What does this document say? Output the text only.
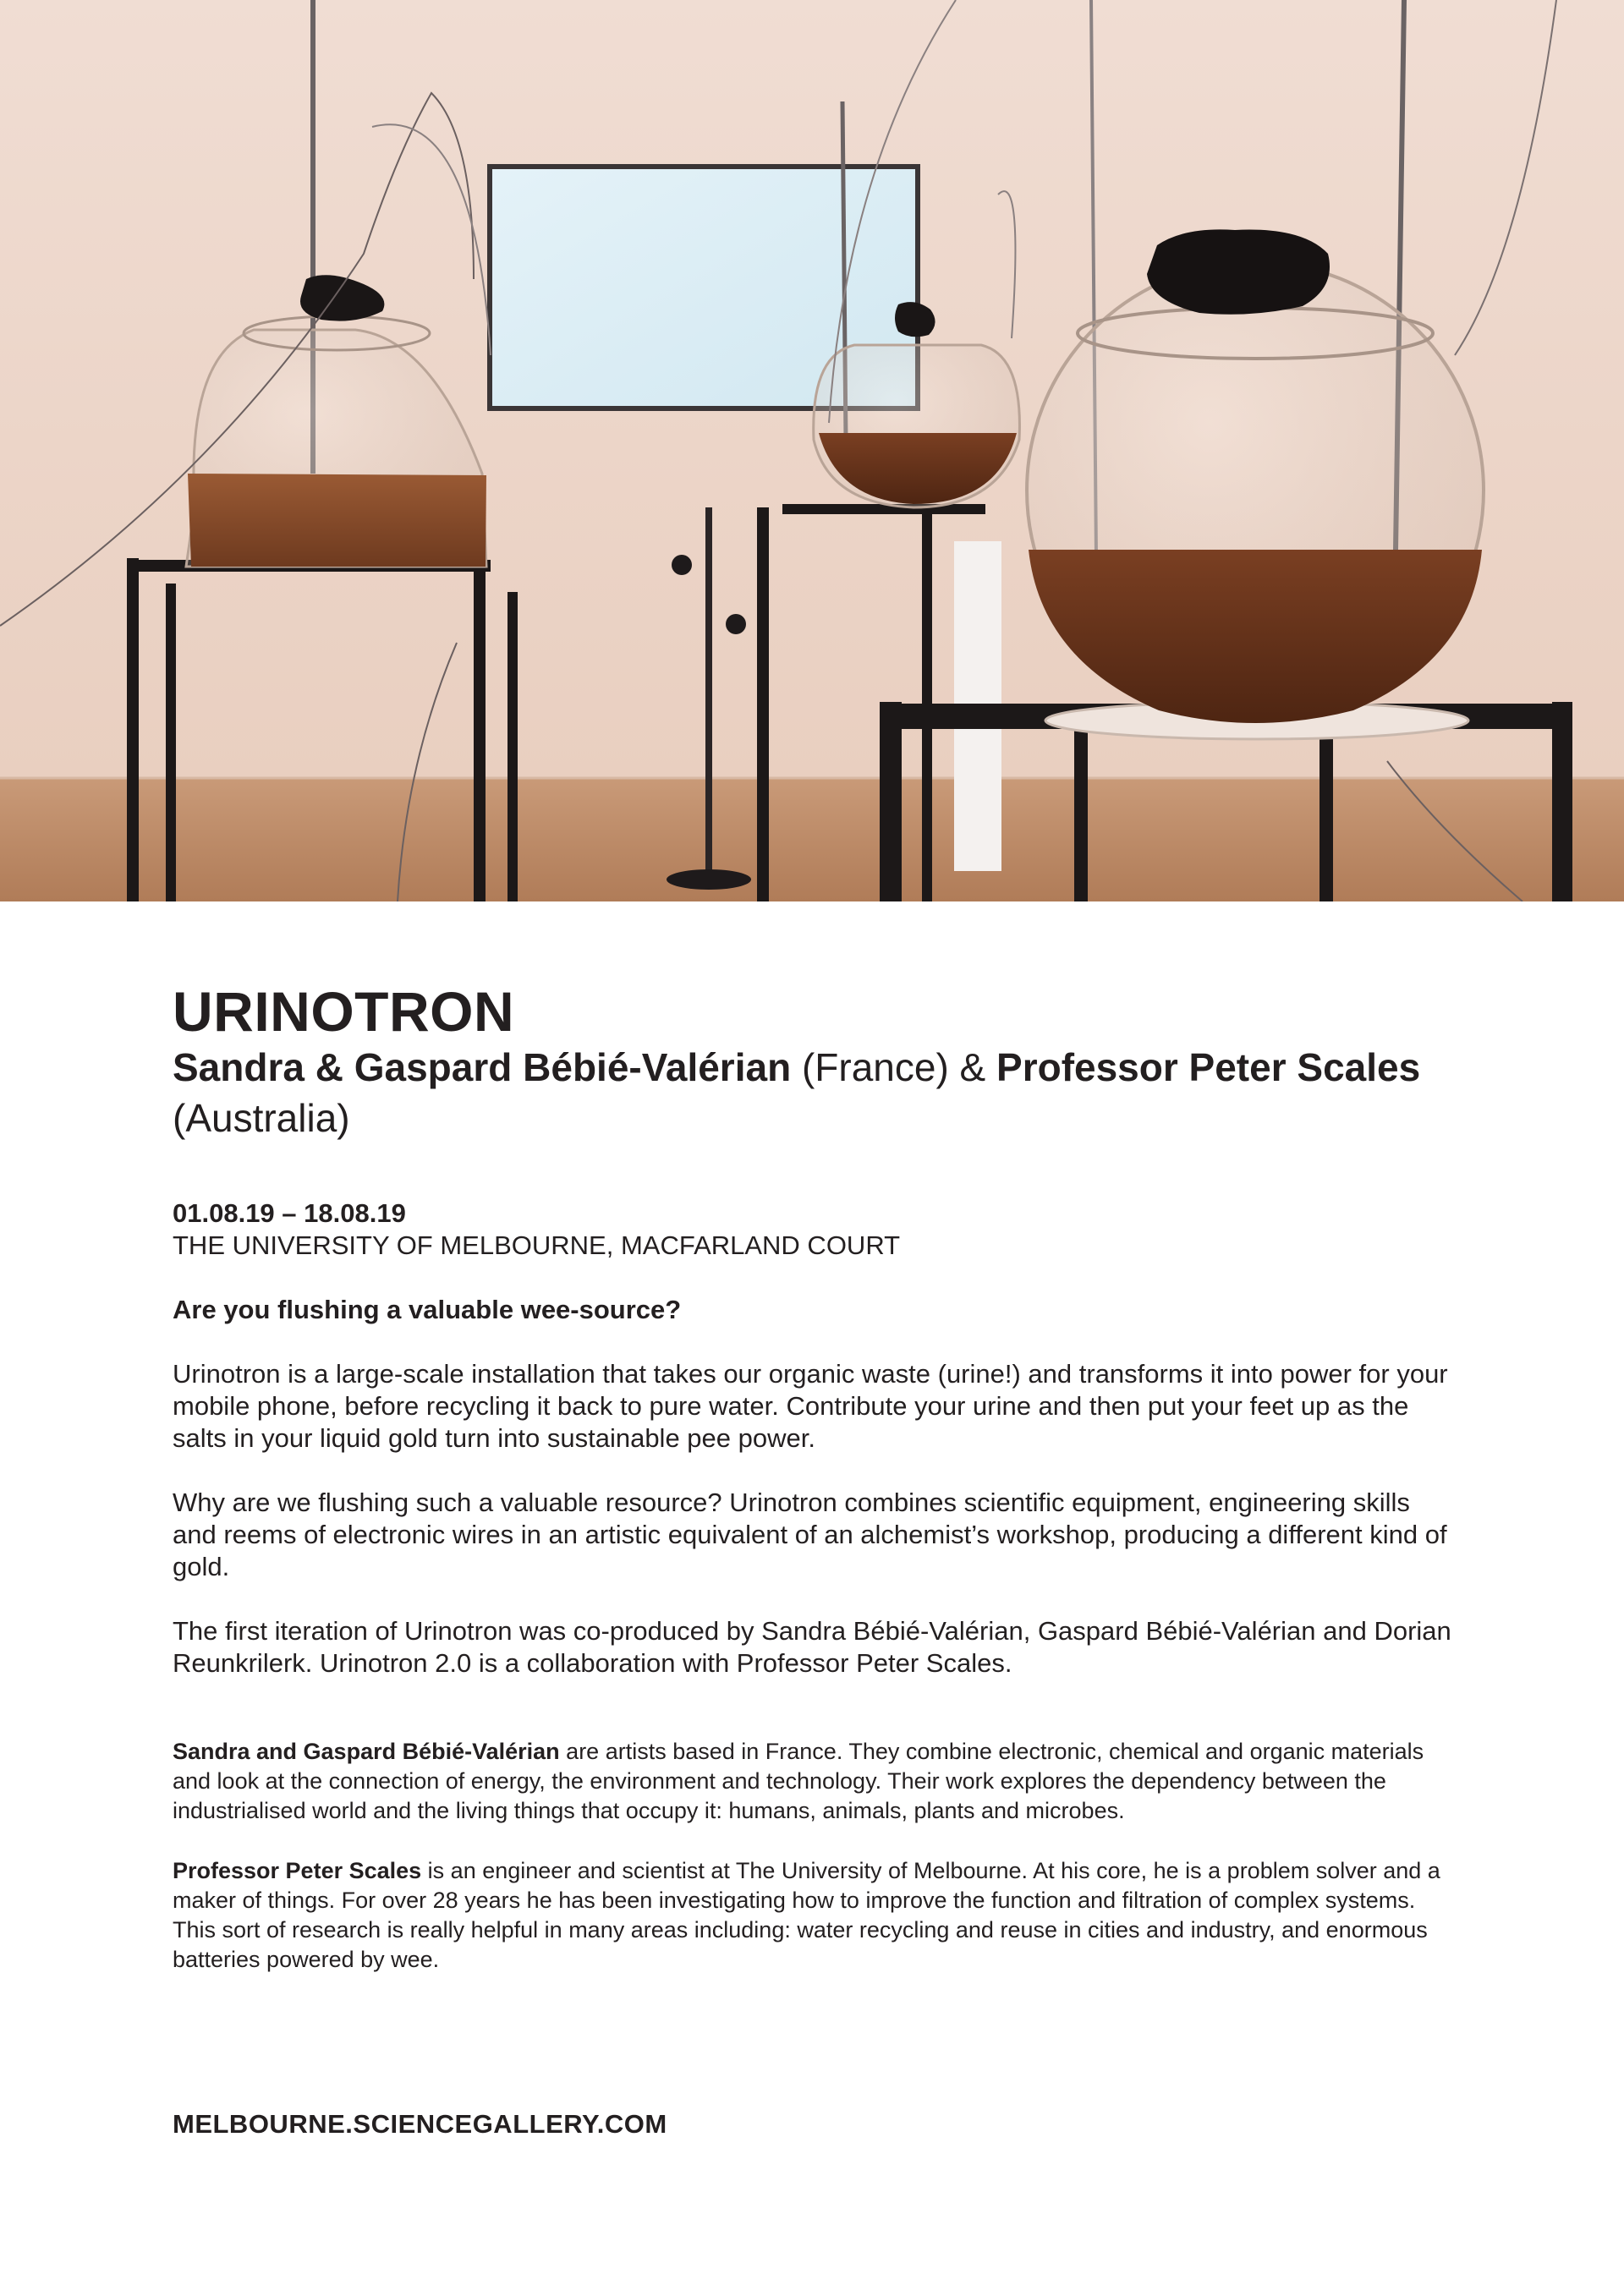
URINOTRON

Sandra & Gaspard Bébié-Valérian (France) & Professor Peter Scales (Australia)

01.08.19 – 18.08.19
THE UNIVERSITY OF MELBOURNE, MACFARLAND COURT
Are you flushing a valuable wee-source?
Urinotron is a large-scale installation that takes our organic waste (urine!) and transforms it into power for your mobile phone, before recycling it back to pure water. Contribute your urine and then put your feet up as the salts in your liquid gold turn into sustainable pee power.
Why are we flushing such a valuable resource? Urinotron combines scientific equipment, engineering skills and reems of electronic wires in an artistic equivalent of an alchemist’s workshop, producing a different kind of gold.
The first iteration of Urinotron was co-produced by Sandra Bébié-Valérian, Gaspard Bébié-Valérian and Dorian Reunkrilerk. Urinotron 2.0 is a collaboration with Professor Peter Scales.
Sandra and Gaspard Bébié-Valérian are artists based in France. They combine electronic, chemical and organic materials and look at the connection of energy, the environment and technology. Their work explores the dependency between the industrialised world and the living things that occupy it: humans, animals, plants and microbes.
Professor Peter Scales is an engineer and scientist at The University of Melbourne. At his core, he is a problem solver and a maker of things. For over 28 years he has been investigating how to improve the function and filtration of complex systems. This sort of research is really helpful in many areas including: water recycling and reuse in cities and industry, and enormous batteries powered by wee.
MELBOURNE.SCIENCEGALLERY.COM
